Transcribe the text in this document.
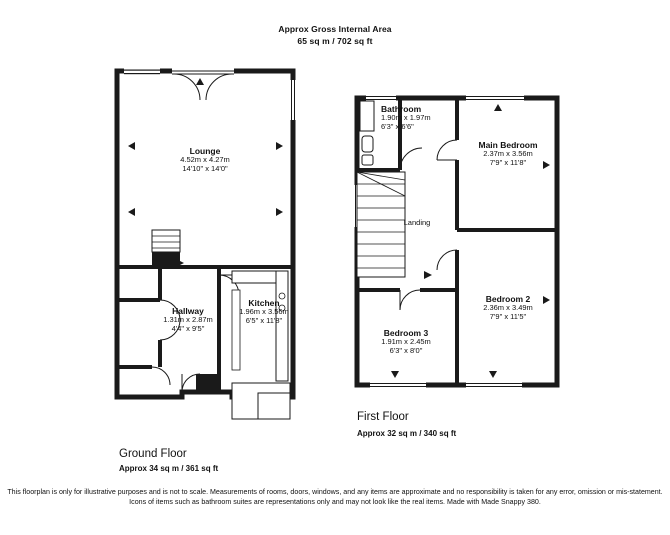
Approx Gross Internal Area
65 sq m / 702 sq ft
Lounge
4.52m x 4.27m
14'10" x 14'0"
Hallway
1.31m x 2.87m
4'4" x 9'5"
Kitchen
1.96m x 3.56m
6'5" x 11'8"
Bathroom
1.90m x 1.97m
6'3" x 6'6"
Main Bedroom
2.37m x 3.56m
7'9" x 11'8"
Landing
Bedroom 2
2.36m x 3.49m
7'9" x 11'5"
Bedroom 3
1.91m x 2.45m
6'3" x 8'0"
Ground Floor
Approx 34 sq m / 361 sq ft
First Floor
Approx 32 sq m / 340 sq ft
This floorplan is only for illustrative purposes and is not to scale. Measurements of rooms, doors, windows, and any items are approximate and no responsibility is taken for any error, omission or mis-statement. Icons of items such as bathroom suites are representations only and may not look like the real items. Made with Made Snappy 380.
